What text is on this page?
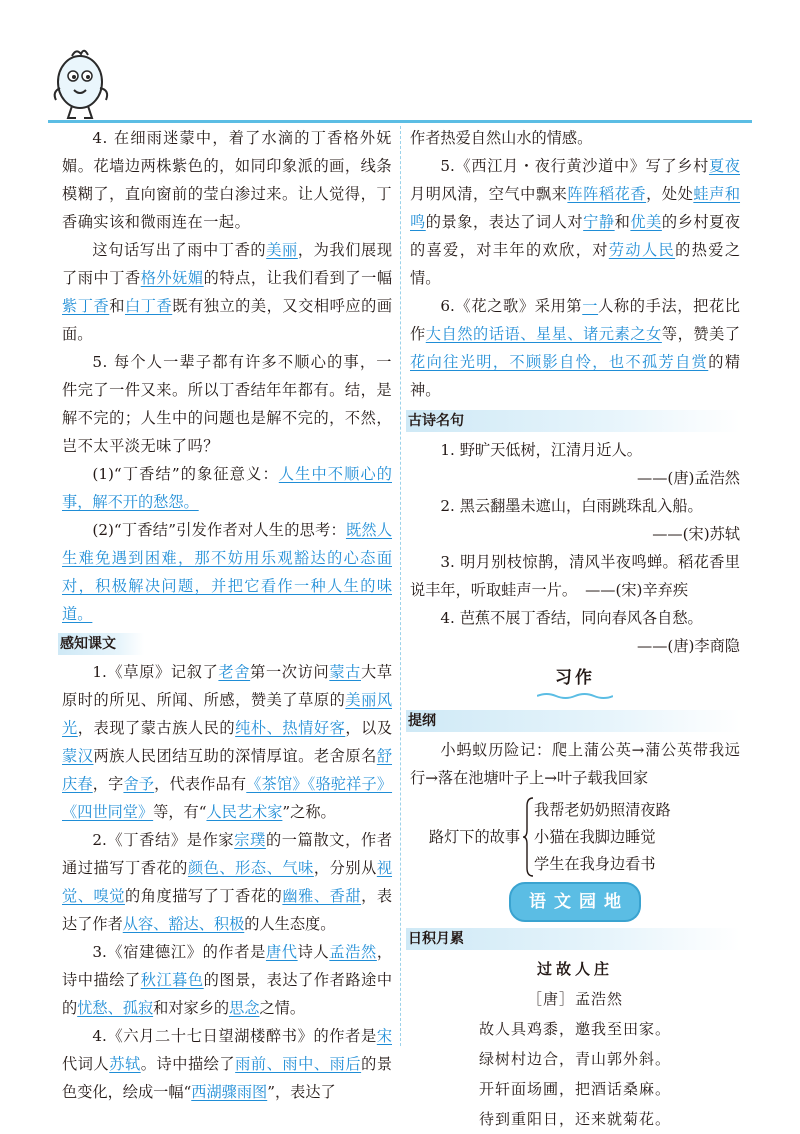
4. 在细雨迷蒙中，着了水滴的丁香格外妩媚。花墙边两株紫色的，如同印象派的画，线条模糊了，直向窗前的莹白渗过来。让人觉得，丁香确实该和微雨连在一起。

这句话写出了雨中丁香的美丽，为我们展现了雨中丁香格外妩媚的特点，让我们看到了一幅紫丁香和白丁香既有独立的美，又交相呼应的画面。

5. 每个人一辈子都有许多不顺心的事，一件完了一件又来。所以丁香结年年都有。结，是解不完的；人生中的问题也是解不完的，不然，岂不太平淡无味了吗？

(1)“丁香结”的象征意义：人生中不顺心的事，解不开的愁怨。

(2)“丁香结”引发作者对人生的思考：既然人生难免遇到困难，那不妨用乐观豁达的心态面对，积极解决问题，并把它看作一种人生的味道。

感知课文

1.《草原》记叙了老舍第一次访问蒙古大草原时的所见、所闻、所感，赞美了草原的美丽风光，表现了蒙古族人民的纯朴、热情好客，以及蒙汉两族人民团结互助的深情厚谊。老舍原名舒庆春，字舍予，代表作品有《茶馆》《骆驼祥子》《四世同堂》等，有“人民艺术家”之称。

2.《丁香结》是作家宗璞的一篇散文，作者通过描写丁香花的颜色、形态、气味，分别从视觉、嗅觉的角度描写了丁香花的幽雅、香甜，表达了作者从容、豁达、积极的人生态度。

3.《宿建德江》的作者是唐代诗人孟浩然，诗中描绘了秋江暮色的图景，表达了作者路途中的忧愁、孤寂和对家乡的思念之情。

4.《六月二十七日望湖楼醉书》的作者是宋代词人苏轼。诗中描绘了雨前、雨中、雨后的景色变化，绘成一幅“西湖骤雨图”，表达了

作者热爱自然山水的情感。

5.《西江月・夜行黄沙道中》写了乡村夏夜月明风清，空气中飘来阵阵稻花香，处处蛙声和鸣的景象，表达了词人对宁静和优美的乡村夏夜的喜爱，对丰年的欢欣，对劳动人民的热爱之情。

6.《花之歌》采用第一人称的手法，把花比作大自然的话语、星星、诸元素之女等，赞美了花向往光明，不顾影自怜，也不孤芳自赏的精神。

古诗名句

1. 野旷天低树，江清月近人。

——(唐)孟浩然

2. 黑云翻墨未遮山，白雨跳珠乱入船。

——(宋)苏轼

3. 明月别枝惊鹊，清风半夜鸣蝉。稻花香里说丰年，听取蛙声一片。 ——(宋)辛弃疾

4. 芭蕉不展丁香结，同向春风各自愁。

——(唐)李商隐

习作
提纲

小蚂蚁历险记：爬上蒲公英→蒲公英带我远行→落在池塘叶子上→叶子载我回家

路灯下的故事
我帮老奶奶照清夜路
小猫在我脚边睡觉
学生在我身边看书
语文园地
日积月累
过故人庄
［唐］孟浩然
故人具鸡黍，邀我至田家。
绿树村边合，青山郭外斜。
开轩面场圃，把酒话桑麻。
待到重阳日，还来就菊花。
